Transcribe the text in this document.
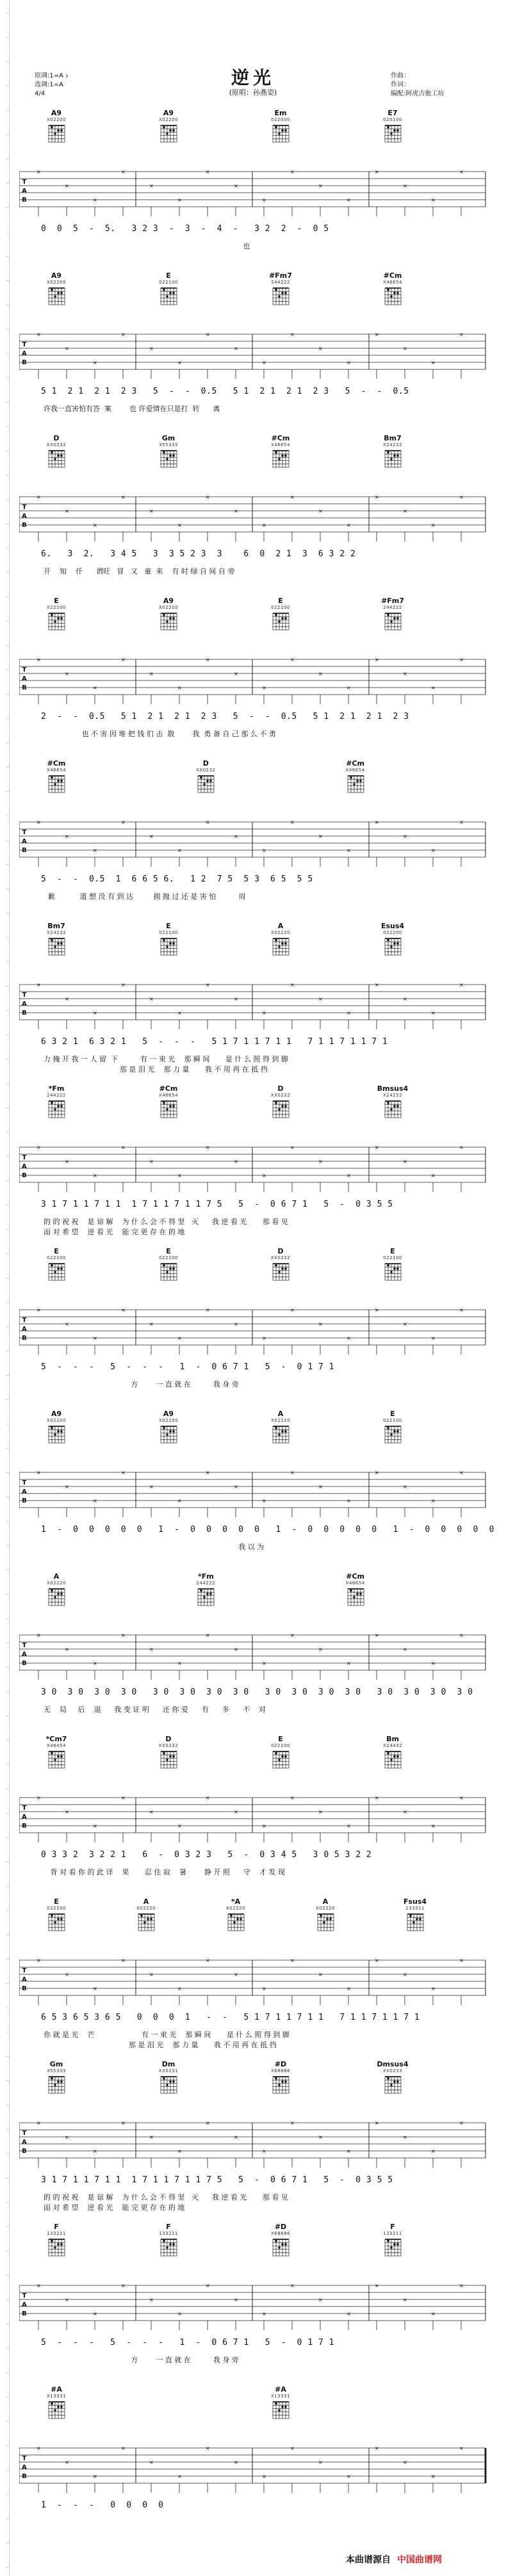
逆光
(原唱：孙燕姿)
原调:1=A ♭
选调:1=A
4/4
作曲：
作词：
编配:阿虎吉他工坊
A9
X02200
A9
X02200
Em
022000
E7
020100
×
×
×
×
×
×
×
×
×
×
×
×
×
×
×
×
T
A
B
0  0  5  -  5.   3 2 3  -  3  -  4  -   3 2  2  -  0 5
也
A9
X02200
E
022100
#Fm7
244222
#Cm
X46654
×
×
×
×
×
×
×
×
×
×
×
×
×
×
×
×
T
A
B
5 1  2 1  2 1  2 3   5  -  -  0.5   5 1  2 1  2 1  2 3   5  -  -  0.5
许我一直害怕有答  案        也 许爱情在只是打  转      离
D
XX0232
Gm
355333
#Cm
X46654
Bm7
X24232
×
×
×
×
×
×
×
×
×
×
×
×
×
×
×
×
T
A
B
6.   3  2.   3 4 5   3  3 5 2 3  3    6  0  2 1  3  6 3 2 2
开    知    仟      谓旺   冒   又   童  来    有 时 绿 自 间 自 旁
E
022100
A9
X02200
E
022100
#Fm7
244222
×
×
×
×
×
×
×
×
×
×
×
×
×
×
×
×
T
A
B
2  -  -  0.5   5 1  2 1  2 1  2 3   5  -  -  0.5   5 1  2 1  2 1  2 3
也 不 害 因 堆 把 钱 们 击  散        我  勇 备 自 己 那 么 不 勇
#Cm
X46654
D
XX0232
#Cm
X46654
×
×
×
×
×
×
×
×
×
×
×
×
×
×
×
×
T
A
B
5  -  -  0.5  1  6 6 5 6.   1 2  7 5  5 3  6 5  5 5
歉           道 想 没 有 到 达         拥 抛 过 还 是 害 怕          周
Bm7
X24232
E
022100
A
X02220
Esus4
022200
×
×
×
×
×
×
×
×
×
×
×
×
×
×
×
×
T
A
B
6 3 2 1  6 3 2 1   5  -  -  -   5 1 7 1 1 7 1 1   7 1 1 7 1 1 7 1
力 掩 开 我 一 人 留  下          有 一 束 光    那 瞬 间       是 什 么 照 得 到 脚
那 是 泪 光    那 力 量       我 不 用 再 在 抵 挡
*Fm
244222
#Cm
X46654
D
XX0232
Bmsus4
X24252
×
×
×
×
×
×
×
×
×
×
×
×
×
×
×
×
T
A
B
3 1 7 1 1 7 1 1  1 7 1 1 7 1 1 7 5   5  -  0 6 7 1   5  -  0 3 5 5
的 的 祝 祝    是 谅 解    为 什 么 会 不 得 坚   灭      我 逆 看 光       那 看 见
面 对 希 望    逆 看 光    能 完 更 存 在 的 地
E
022100
E
022100
D
XX0232
E
022100
×
×
×
×
×
×
×
×
×
×
×
×
×
×
×
×
T
A
B
5  -  -  -   5  -  -  -   1  -  0 6 7 1   5  -  0 1 7 1
方        一 直 就 在          我 身 旁
A9
X02200
A9
X02200
A
X02220
E
022100
×
×
×
×
×
×
×
×
×
×
×
×
×
×
×
×
T
A
B
1  -  0  0  0  0  0   1  -  0  0  0  0  0   1  -  0  0  0  0  0   1  -  0  0  0  0  0
我 以 为
A
X02220
*Fm
244222
#Cm
X46654
×
×
×
×
×
×
×
×
×
×
×
×
×
×
×
×
T
A
B
3 0  3 0  3 0  3 0   3 0  3 0  3 0  3 0   3 0  3 0  3 0  3 0   3 0  3 0  3 0  3 0
无    局     后    退      我 变 证 明      还 你 爱      有      多      不    对
*Cm7
X46454
D
XX0232
E
022100
Bm
X24432
×
×
×
×
×
×
×
×
×
×
×
×
×
×
×
×
T
A
B
0 3 3 2  3 2 2 1   6  -  0 3 2 3   5  -  0 3 4 5   3 0 5 3 2 2
背 对 看 你 的 此 详    果       忍 住 寂    暑        静 开 照      守    才 发 现
E
022100
A
X02220
*A
X02220
A
X02220
Fsus4
133311
×
×
×
×
×
×
×
×
×
×
×
×
×
×
×
×
T
A
B
6 5 3 6 5 3 6 5   0  0  0  1   -  -   5 1 7 1 1 7 1 1   7 1 1 7 1 1 7 1
你 就 是 光    芒                     有 一 束 光    那 瞬 间       是 什 么 照 得 到 脚
那 是 泪 光    那 力 量       我 不 用 再 在 抵 挡
Gm
355333
Dm
XX0231
#D
X68886
Dmsus4
XX0233
×
×
×
×
×
×
×
×
×
×
×
×
×
×
×
×
T
A
B
3 1 7 1 1 7 1 1  1 7 1 1 7 1 1 7 5   5  -  0 6 7 1   5  -  0 3 5 5
的 的 祝 祝    是 谅 解    为 什 么 会 不 得 坚   灭      我 逆 看 光       那 看 见
面 对 希 望    逆 看 光    能 完 更 存 在 的 地
F
133211
F
133211
#D
X68886
F
133211
×
×
×
×
×
×
×
×
×
×
×
×
×
×
×
×
T
A
B
5  -  -  -   5  -  -  -   1  -  0 6 7 1   5  -  0 1 7 1
方        一 直 就 在          我 身 旁
#A
X13331
#A
X13331
×
×
×
×
×
×
×
×
×
×
×
×
×
×
×
×
T
A
B
1  -  -  -   0  0  0  0
本曲谱源自 中国曲谱网
